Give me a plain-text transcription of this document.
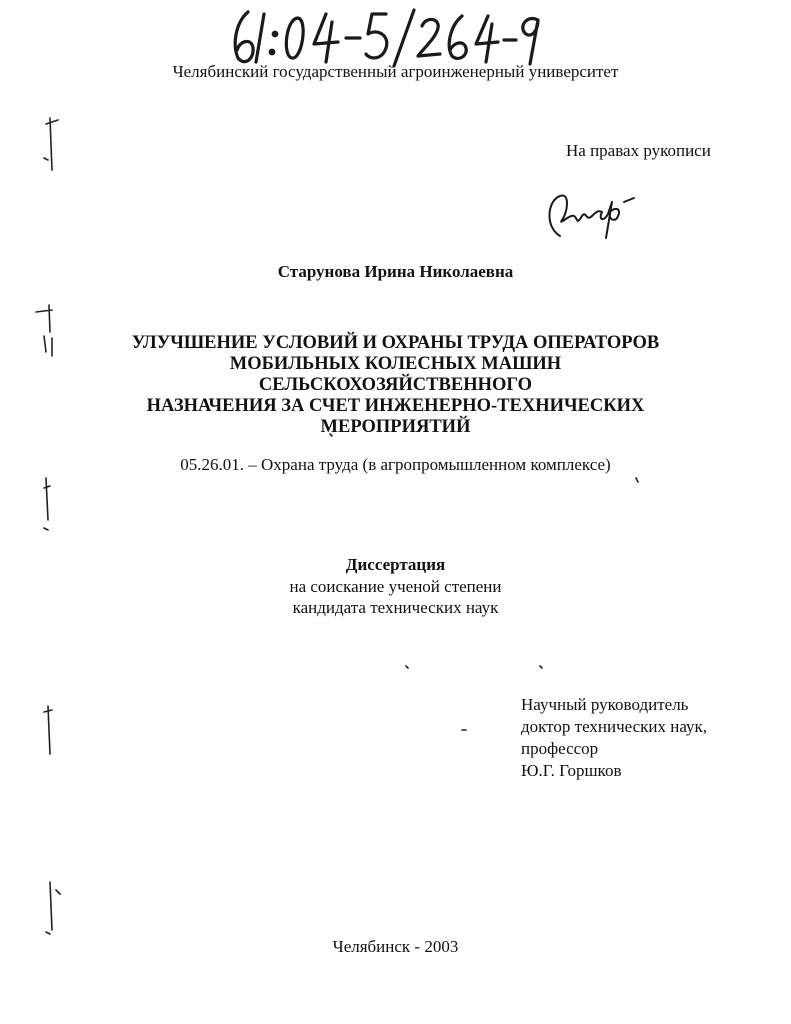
Челябинский государственный агроинженерный университет
На правах рукописи
Старунова Ирина Николаевна
УЛУЧШЕНИЕ УСЛОВИЙ И ОХРАНЫ ТРУДА ОПЕРАТОРОВ
МОБИЛЬНЫХ КОЛЕСНЫХ МАШИН СЕЛЬСКОХОЗЯЙСТВЕННОГО
НАЗНАЧЕНИЯ ЗА СЧЕТ ИНЖЕНЕРНО-ТЕХНИЧЕСКИХ
МЕРОПРИЯТИЙ
05.26.01. – Охрана труда (в агропромышленном комплексе)
Диссертация
на соискание ученой степени
кандидата технических наук
Научный руководитель
доктор технических наук,
профессор
Ю.Г. Горшков
Челябинск - 2003
